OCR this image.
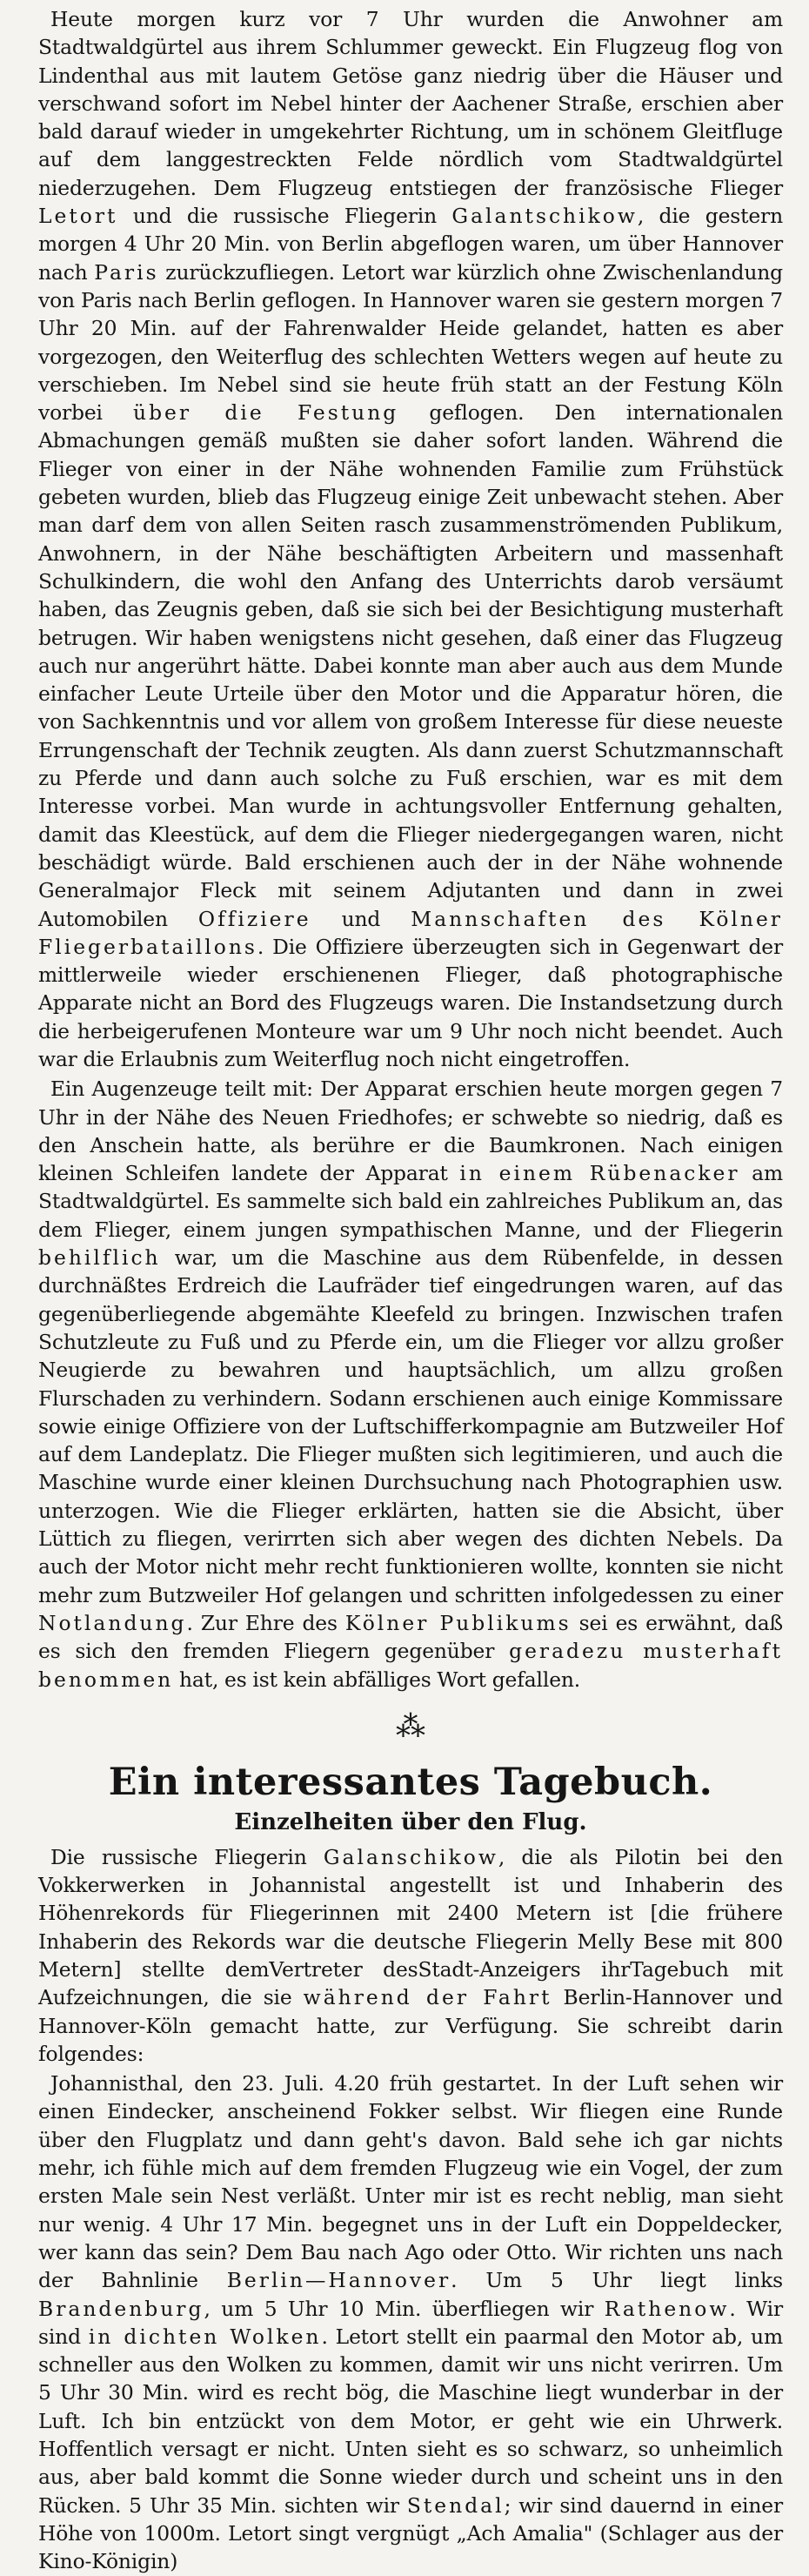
Heute morgen kurz vor 7 Uhr wurden die Anwohner am Stadtwaldgürtel aus ihrem Schlummer geweckt. Ein Flugzeug flog von Lindenthal aus mit lautem Getöse ganz niedrig über die Häuser und verschwand sofort im Nebel hinter der Aachener Straße, erschien aber bald darauf wieder in umgekehrter Richtung, um in schönem Gleitfluge auf dem langgestreckten Felde nördlich vom Stadtwaldgürtel niederzugehen. Dem Flugzeug entstiegen der französische Flieger Letort und die russische Fliegerin Galantschikow, die gestern morgen 4 Uhr 20 Min. von Berlin abgeflogen waren, um über Hannover nach Paris zurückzufliegen. Letort war kürzlich ohne Zwischenlandung von Paris nach Berlin geflogen. In Hannover waren sie gestern morgen 7 Uhr 20 Min. auf der Fahrenwalder Heide gelandet, hatten es aber vorgezogen, den Weiterflug des schlechten Wetters wegen auf heute zu verschieben. Im Nebel sind sie heute früh statt an der Festung Köln vorbei über die Festung geflogen. Den internationalen Abmachungen gemäß mußten sie daher sofort landen. Während die Flieger von einer in der Nähe wohnenden Familie zum Frühstück gebeten wurden, blieb das Flugzeug einige Zeit unbewacht stehen. Aber man darf dem von allen Seiten rasch zusammenströmenden Publikum, Anwohnern, in der Nähe beschäftigten Arbeitern und massenhaft Schulkindern, die wohl den Anfang des Unterrichts darob versäumt haben, das Zeugnis geben, daß sie sich bei der Besichtigung musterhaft betrugen. Wir haben wenigstens nicht gesehen, daß einer das Flugzeug auch nur angerührt hätte. Dabei konnte man aber auch aus dem Munde einfacher Leute Urteile über den Motor und die Apparatur hören, die von Sachkenntnis und vor allem von großem Interesse für diese neueste Errungenschaft der Technik zeugten. Als dann zuerst Schutzmannschaft zu Pferde und dann auch solche zu Fuß erschien, war es mit dem Interesse vorbei. Man wurde in achtungsvoller Entfernung gehalten, damit das Kleestück, auf dem die Flieger niedergegangen waren, nicht beschädigt würde. Bald erschienen auch der in der Nähe wohnende Generalmajor Fleck mit seinem Adjutanten und dann in zwei Automobilen Offiziere und Mannschaften des Kölner Fliegerbataillons. Die Offiziere überzeugten sich in Gegenwart der mittlerweile wieder erschienenen Flieger, daß photographische Apparate nicht an Bord des Flugzeugs waren. Die Instandsetzung durch die herbeigerufenen Monteure war um 9 Uhr noch nicht beendet. Auch war die Erlaubnis zum Weiterflug noch nicht eingetroffen.

Ein Augenzeuge teilt mit: Der Apparat erschien heute morgen gegen 7 Uhr in der Nähe des Neuen Friedhofes; er schwebte so niedrig, daß es den Anschein hatte, als berühre er die Baumkronen. Nach einigen kleinen Schleifen landete der Apparat in einem Rübenacker am Stadtwaldgürtel. Es sammelte sich bald ein zahlreiches Publikum an, das dem Flieger, einem jungen sympathischen Manne, und der Fliegerin behilflich war, um die Maschine aus dem Rübenfelde, in dessen durchnäßtes Erdreich die Laufräder tief eingedrungen waren, auf das gegenüberliegende abgemähte Kleefeld zu bringen. Inzwischen trafen Schutzleute zu Fuß und zu Pferde ein, um die Flieger vor allzu großer Neugierde zu bewahren und hauptsächlich, um allzu großen Flurschaden zu verhindern. Sodann erschienen auch einige Kommissare sowie einige Offiziere von der Luftschifferkompagnie am Butzweiler Hof auf dem Landeplatz. Die Flieger mußten sich legitimieren, und auch die Maschine wurde einer kleinen Durchsuchung nach Photographien usw. unterzogen. Wie die Flieger erklärten, hatten sie die Absicht, über Lüttich zu fliegen, verirrten sich aber wegen des dichten Nebels. Da auch der Motor nicht mehr recht funktionieren wollte, konnten sie nicht mehr zum Butzweiler Hof gelangen und schritten infolgedessen zu einer Notlandung. Zur Ehre des Kölner Publikums sei es erwähnt, daß es sich den fremden Fliegern gegenüber geradezu musterhaft benommen hat, es ist kein abfälliges Wort gefallen.

⁂
Ein interessantes Tagebuch.
Einzelheiten über den Flug.

Die russische Fliegerin Galanschikow, die als Pilotin bei den Vokkerwerken in Johannistal angestellt ist und Inhaberin des Höhenrekords für Fliegerinnen mit 2400 Metern ist [die frühere Inhaberin des Rekords war die deutsche Fliegerin Melly Bese mit 800 Metern] stellte demVertreter desStadt-Anzeigers ihrTagebuch mit Aufzeichnungen, die sie während der Fahrt Berlin-Hannover und Hannover-Köln gemacht hatte, zur Verfügung. Sie schreibt darin folgendes:

Johannisthal, den 23. Juli. 4.20 früh gestartet. In der Luft sehen wir einen Eindecker, anscheinend Fokker selbst. Wir fliegen eine Runde über den Flugplatz und dann geht's davon. Bald sehe ich gar nichts mehr, ich fühle mich auf dem fremden Flugzeug wie ein Vogel, der zum ersten Male sein Nest verläßt. Unter mir ist es recht neblig, man sieht nur wenig. 4 Uhr 17 Min. begegnet uns in der Luft ein Doppeldecker, wer kann das sein? Dem Bau nach Ago oder Otto. Wir richten uns nach der Bahnlinie Berlin—Hannover. Um 5 Uhr liegt links Brandenburg, um 5 Uhr 10 Min. überfliegen wir Rathenow. Wir sind in dichten Wolken. Letort stellt ein paarmal den Motor ab, um schneller aus den Wolken zu kommen, damit wir uns nicht verirren. Um 5 Uhr 30 Min. wird es recht bög, die Maschine liegt wunderbar in der Luft. Ich bin entzückt von dem Motor, er geht wie ein Uhrwerk. Hoffentlich versagt er nicht. Unten sieht es so schwarz, so unheimlich aus, aber bald kommt die Sonne wieder durch und scheint uns in den Rücken. 5 Uhr 35 Min. sichten wir Stendal; wir sind dauernd in einer Höhe von 1000m. Letort singt vergnügt „Ach Amalia" (Schlager aus der Kino-Königin)
